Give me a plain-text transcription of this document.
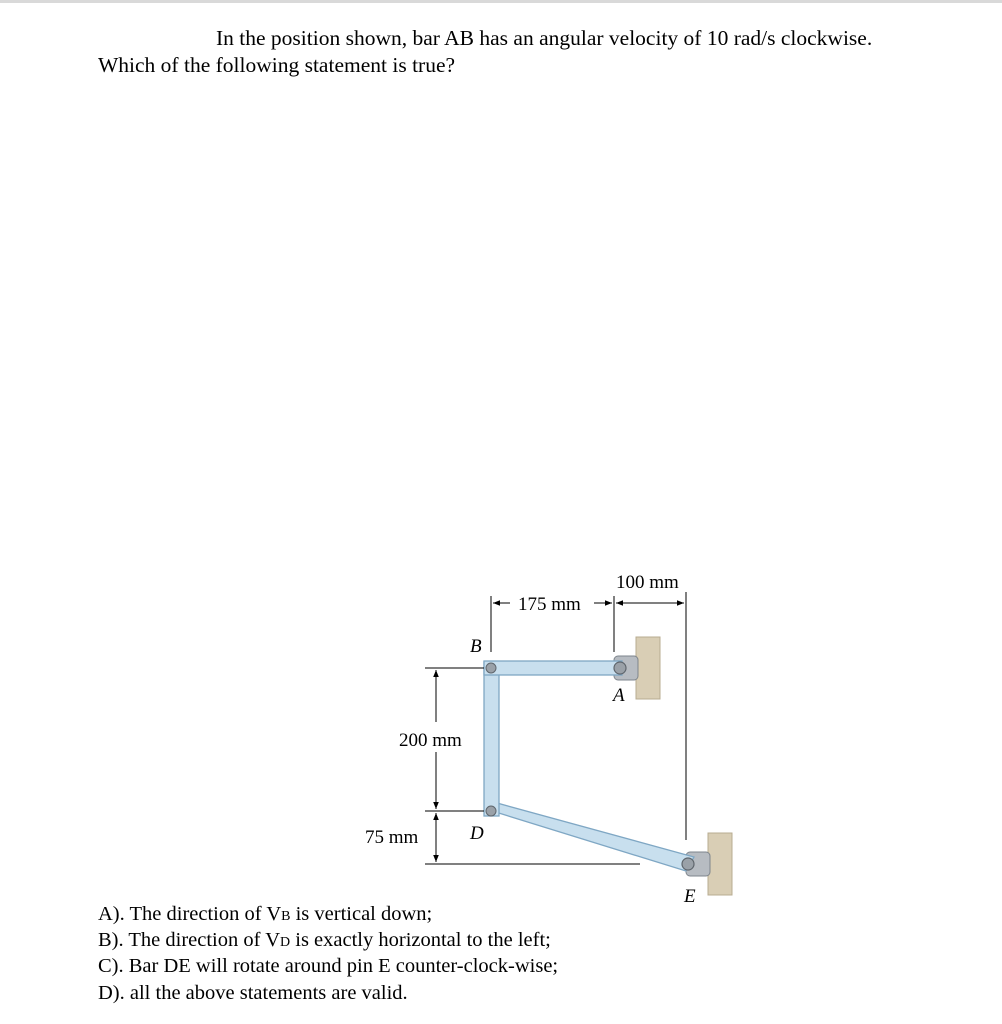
In the position shown, bar AB has an angular velocity of 10 rad/s clockwise.
Which of the following statement is true?
B
A
D
E
175 mm
100 mm
200 mm
75 mm
A). The direction of VB is vertical down;
B). The direction of VD is exactly horizontal to the left;
C). Bar DE will rotate around pin E counter-clock-wise;
D). all the above statements are valid.
